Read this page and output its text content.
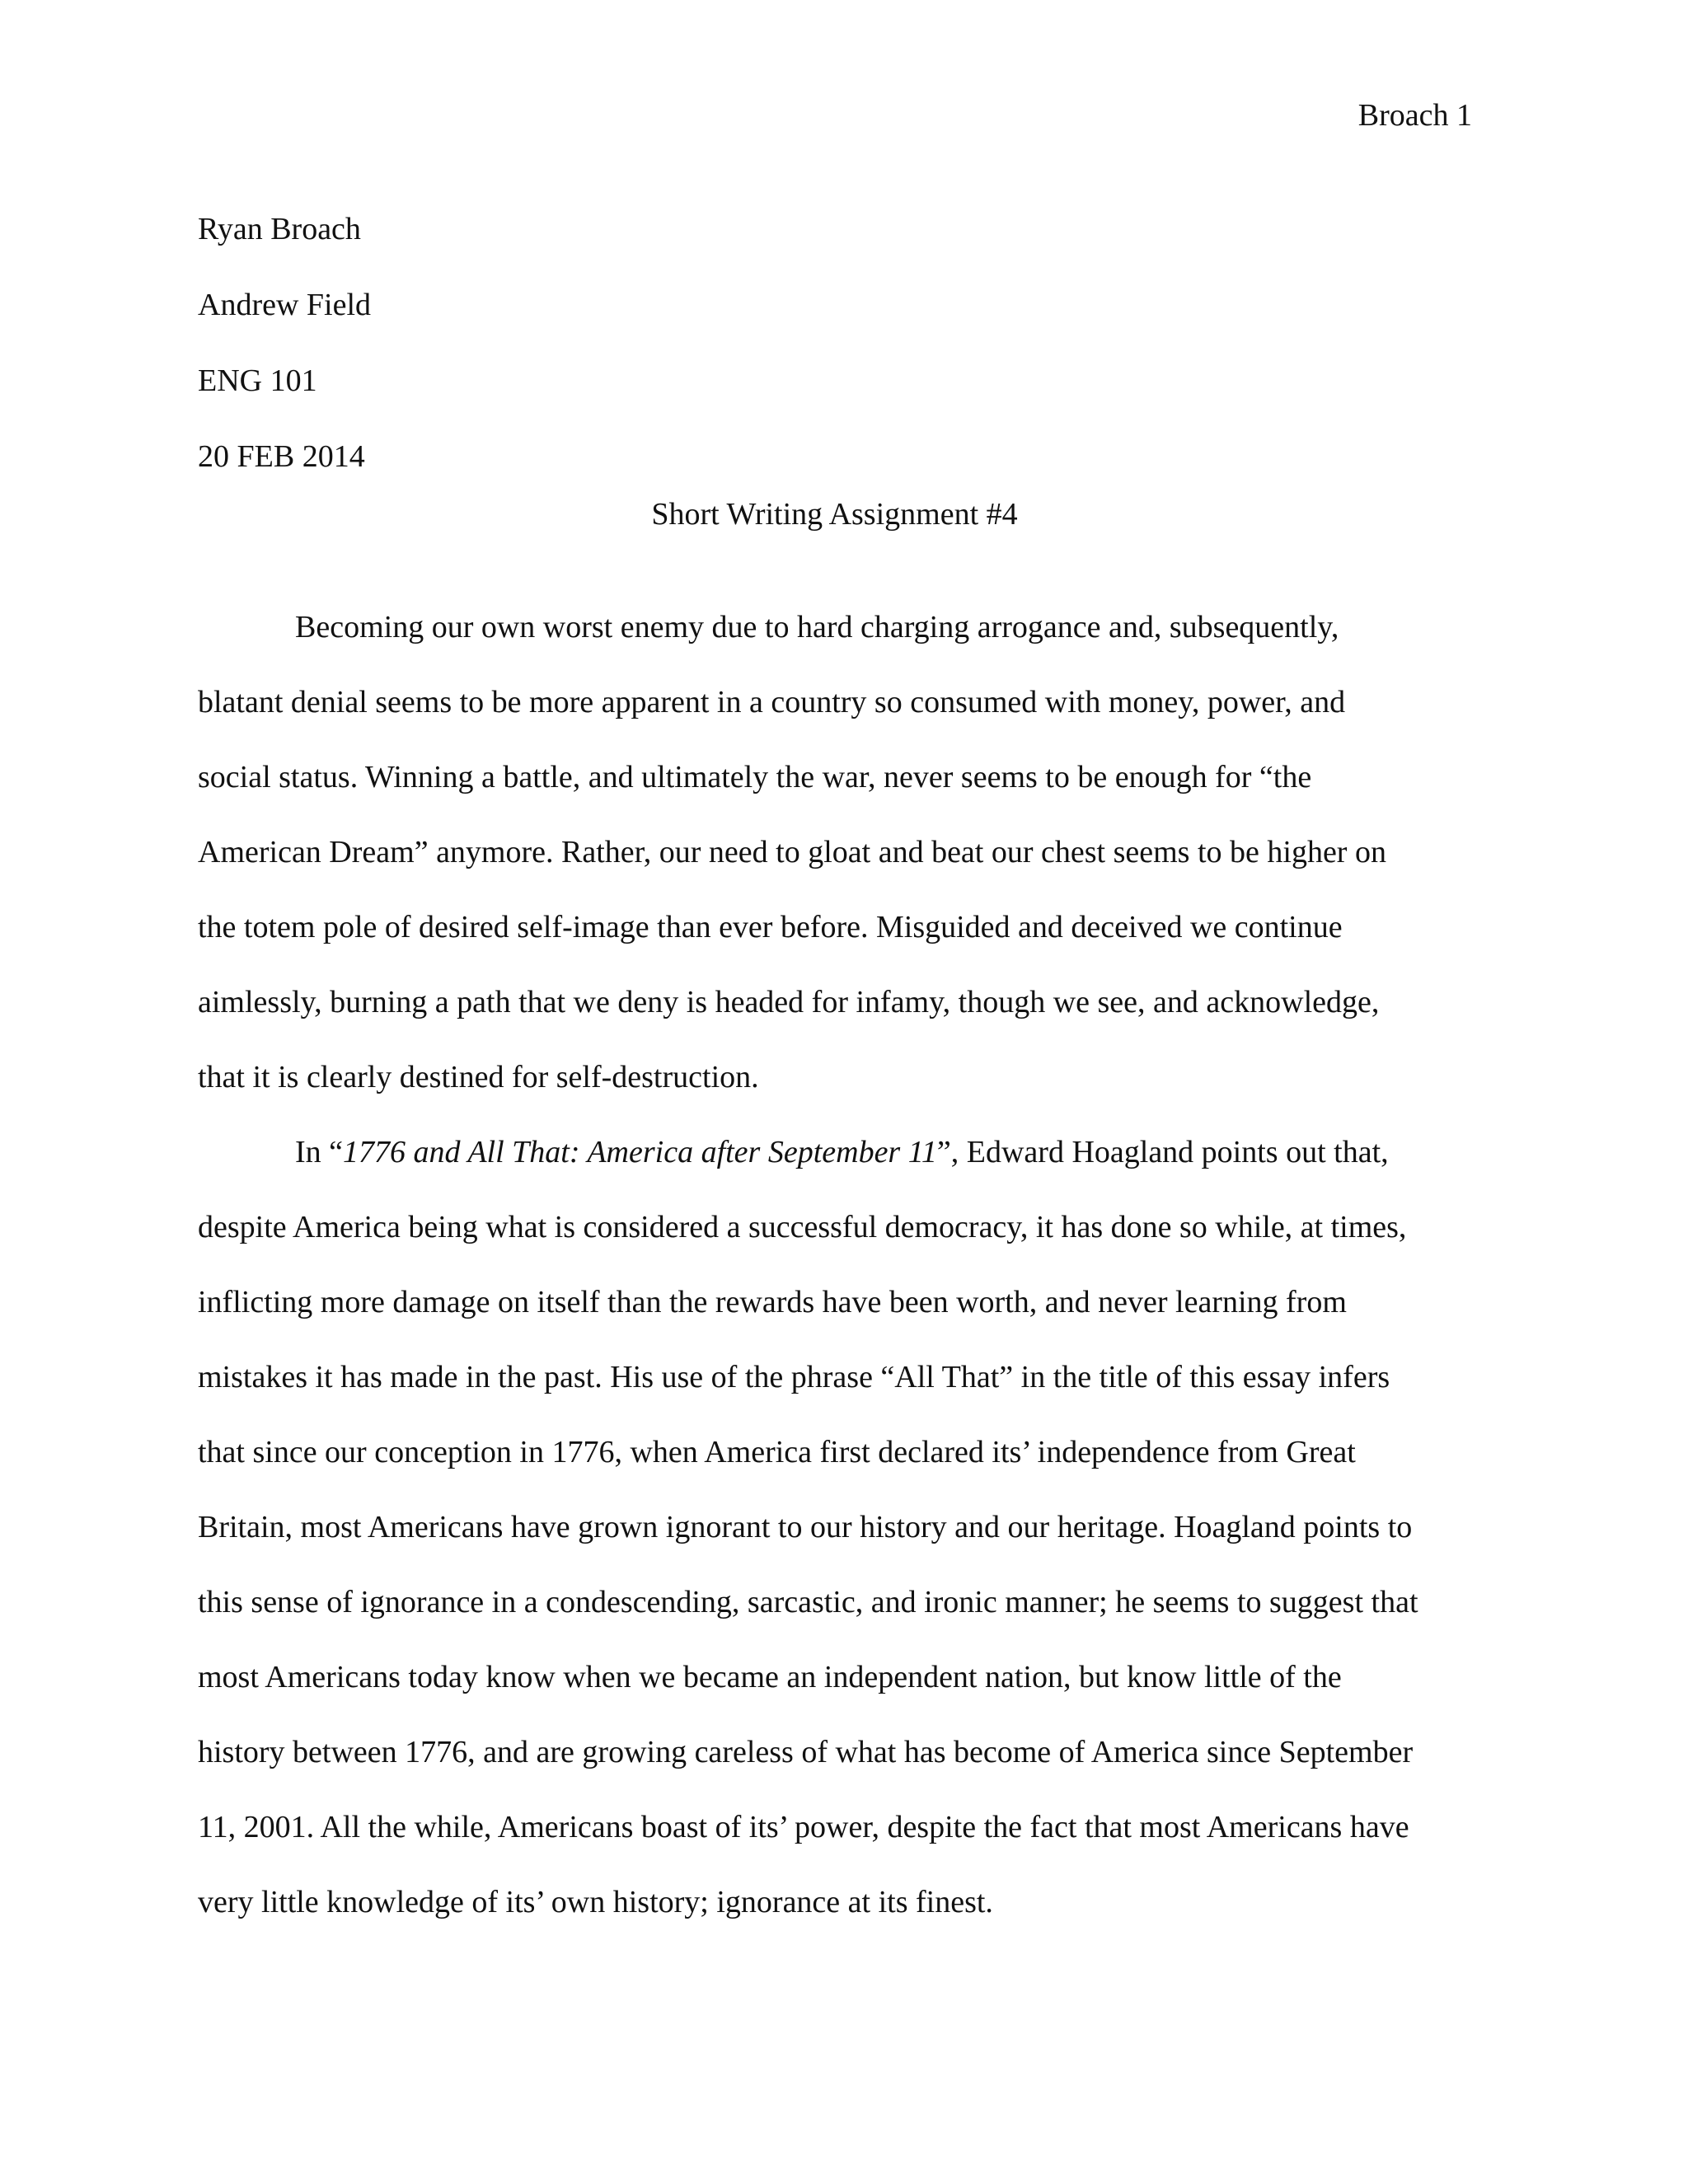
Broach 1
Ryan Broach
Andrew Field
ENG 101
20 FEB 2014
Short Writing Assignment #4
Becoming our own worst enemy due to hard charging arrogance and, subsequently,
blatant denial seems to be more apparent in a country so consumed with money, power, and
social status. Winning a battle, and ultimately the war, never seems to be enough for “the
American Dream” anymore. Rather, our need to gloat and beat our chest seems to be higher on
the totem pole of desired self-image than ever before. Misguided and deceived we continue
aimlessly, burning a path that we deny is headed for infamy, though we see, and acknowledge,
that it is clearly destined for self-destruction.
In “1776 and All That: America after September 11”, Edward Hoagland points out that,
despite America being what is considered a successful democracy, it has done so while, at times,
inflicting more damage on itself than the rewards have been worth, and never learning from
mistakes it has made in the past. His use of the phrase “All That” in the title of this essay infers
that since our conception in 1776, when America first declared its’ independence from Great
Britain, most Americans have grown ignorant to our history and our heritage. Hoagland points to
this sense of ignorance in a condescending, sarcastic, and ironic manner; he seems to suggest that
most Americans today know when we became an independent nation, but know little of the
history between 1776, and are growing careless of what has become of America since September
11, 2001. All the while, Americans boast of its’ power, despite the fact that most Americans have
very little knowledge of its’ own history; ignorance at its finest.
